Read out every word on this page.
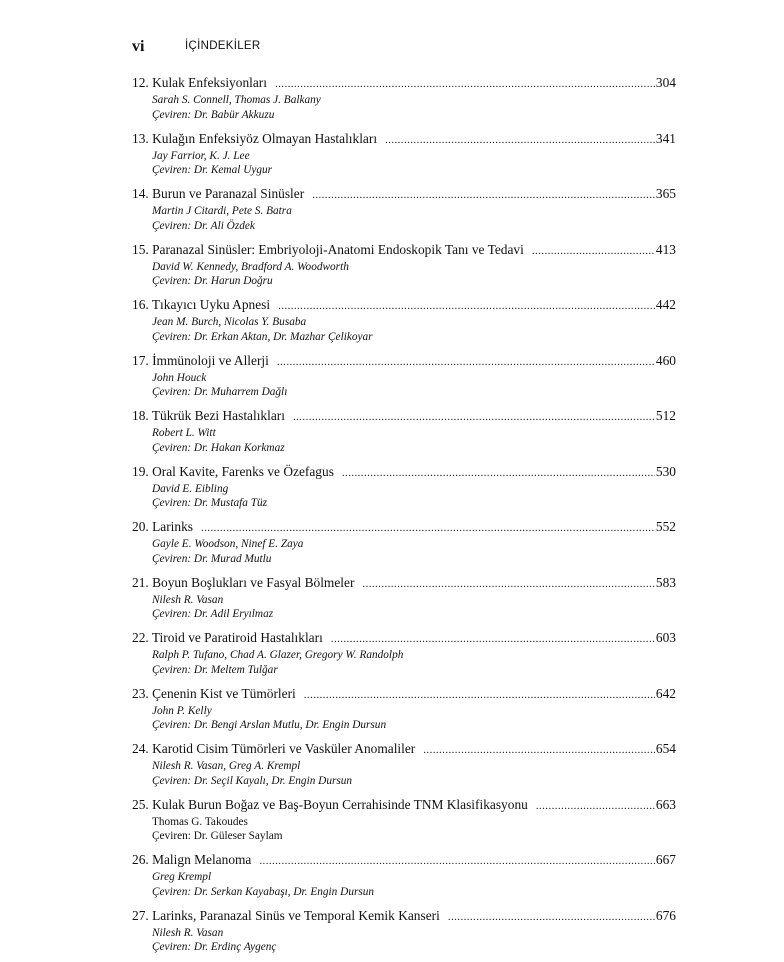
vi	İÇİNDEKİLER
12. Kulak Enfeksiyonları .....	304
Sarah S. Connell, Thomas J. Balkany
Çeviren: Dr. Babür Akkuzu
13. Kulağın Enfeksiyöz Olmayan Hastalıkları .....	341
Jay Farrior, K. J. Lee
Çeviren: Dr. Kemal Uygur
14. Burun ve Paranazal Sinüsler .....	365
Martin J Citardi, Pete S. Batra
Çeviren: Dr. Ali Özdek
15. Paranazal Sinüsler: Embriyoloji-Anatomi Endoskopik Tanı ve Tedavi .....	413
David W. Kennedy, Bradford A. Woodworth
Çeviren: Dr. Harun Doğru
16. Tıkayıcı Uyku Apnesi .....	442
Jean M. Burch, Nicolas Y. Busaba
Çeviren: Dr. Erkan Aktan, Dr. Mazhar Çelikoyar
17. İmmünoloji ve Allerji .....	460
John Houck
Çeviren: Dr. Muharrem Dağlı
18. Tükrük Bezi Hastalıkları .....	512
Robert L. Witt
Çeviren: Dr. Hakan Korkmaz
19. Oral Kavite, Farenks ve Özefagus .....	530
David E. Eibling
Çeviren: Dr. Mustafa Tüz
20. Larinks .....	552
Gayle E. Woodson, Ninef E. Zaya
Çeviren: Dr. Murad Mutlu
21. Boyun Boşlukları ve Fasyal Bölmeler .....	583
Nilesh R. Vasan
Çeviren: Dr. Adil Eryılmaz
22. Tiroid ve Paratiroid Hastalıkları .....	603
Ralph P. Tufano, Chad A. Glazer, Gregory W. Randolph
Çeviren: Dr. Meltem Tulğar
23. Çenenin Kist ve Tümörleri .....	642
John P. Kelly
Çeviren: Dr. Bengi Arslan Mutlu, Dr. Engin Dursun
24. Karotid Cisim Tümörleri ve Vasküler Anomaliler .....	654
Nilesh R. Vasan, Greg A. Krempl
Çeviren: Dr. Seçil Kayalı, Dr. Engin Dursun
25. Kulak Burun Boğaz ve Baş-Boyun Cerrahisinde TNM Klasifikasyonu .....	663
Thomas G. Takoudes
Çeviren: Dr. Güleser Saylam
26. Malign Melanoma .....	667
Greg Krempl
Çeviren: Dr. Serkan Kayabaşı, Dr. Engin Dursun
27. Larinks, Paranazal Sinüs ve Temporal Kemik Kanseri .....	676
Nilesh R. Vasan
Çeviren: Dr. Erdinç Aygenç
